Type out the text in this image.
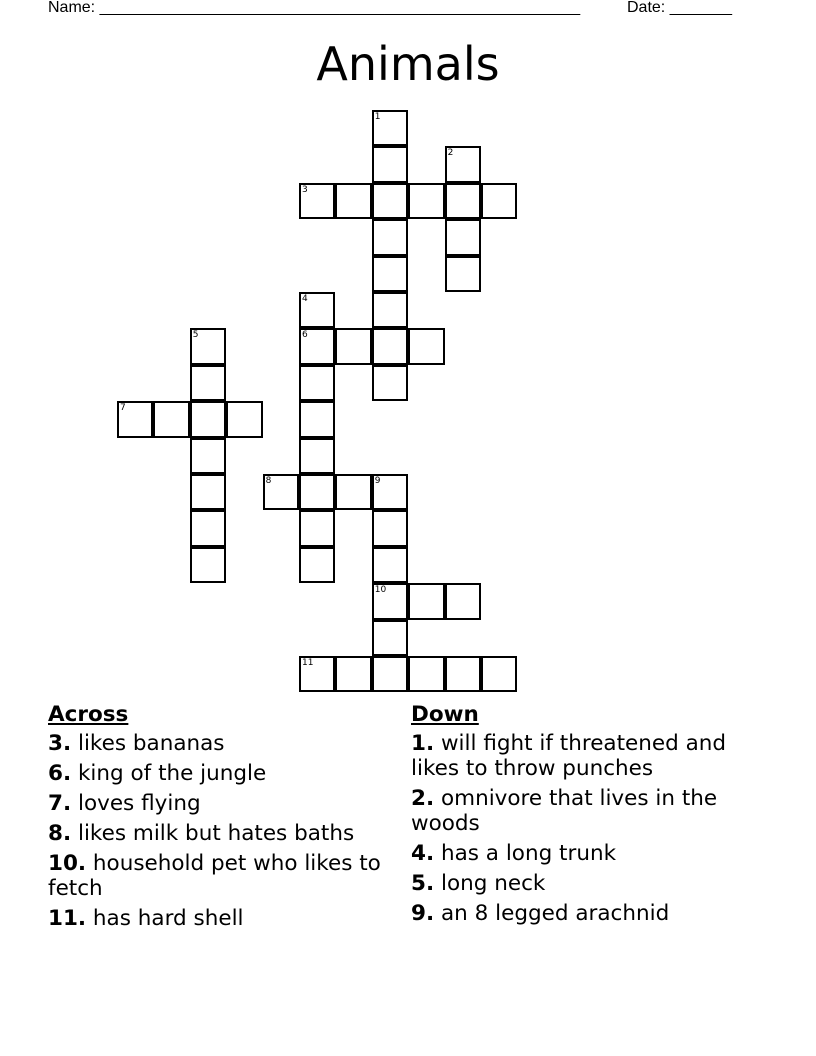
Name: ______________________________________________________	Date: _______
Animals
1
2
3
4
6
5
7
8	9
10
11
Across
3. likes bananas
6. king of the jungle
7. loves flying
8. likes milk but hates baths
10. household pet who likes to fetch
11. has hard shell
Down
1. will fight if threatened and likes to throw punches
2. omnivore that lives in the woods
4. has a long trunk
5. long neck
9. an 8 legged arachnid
